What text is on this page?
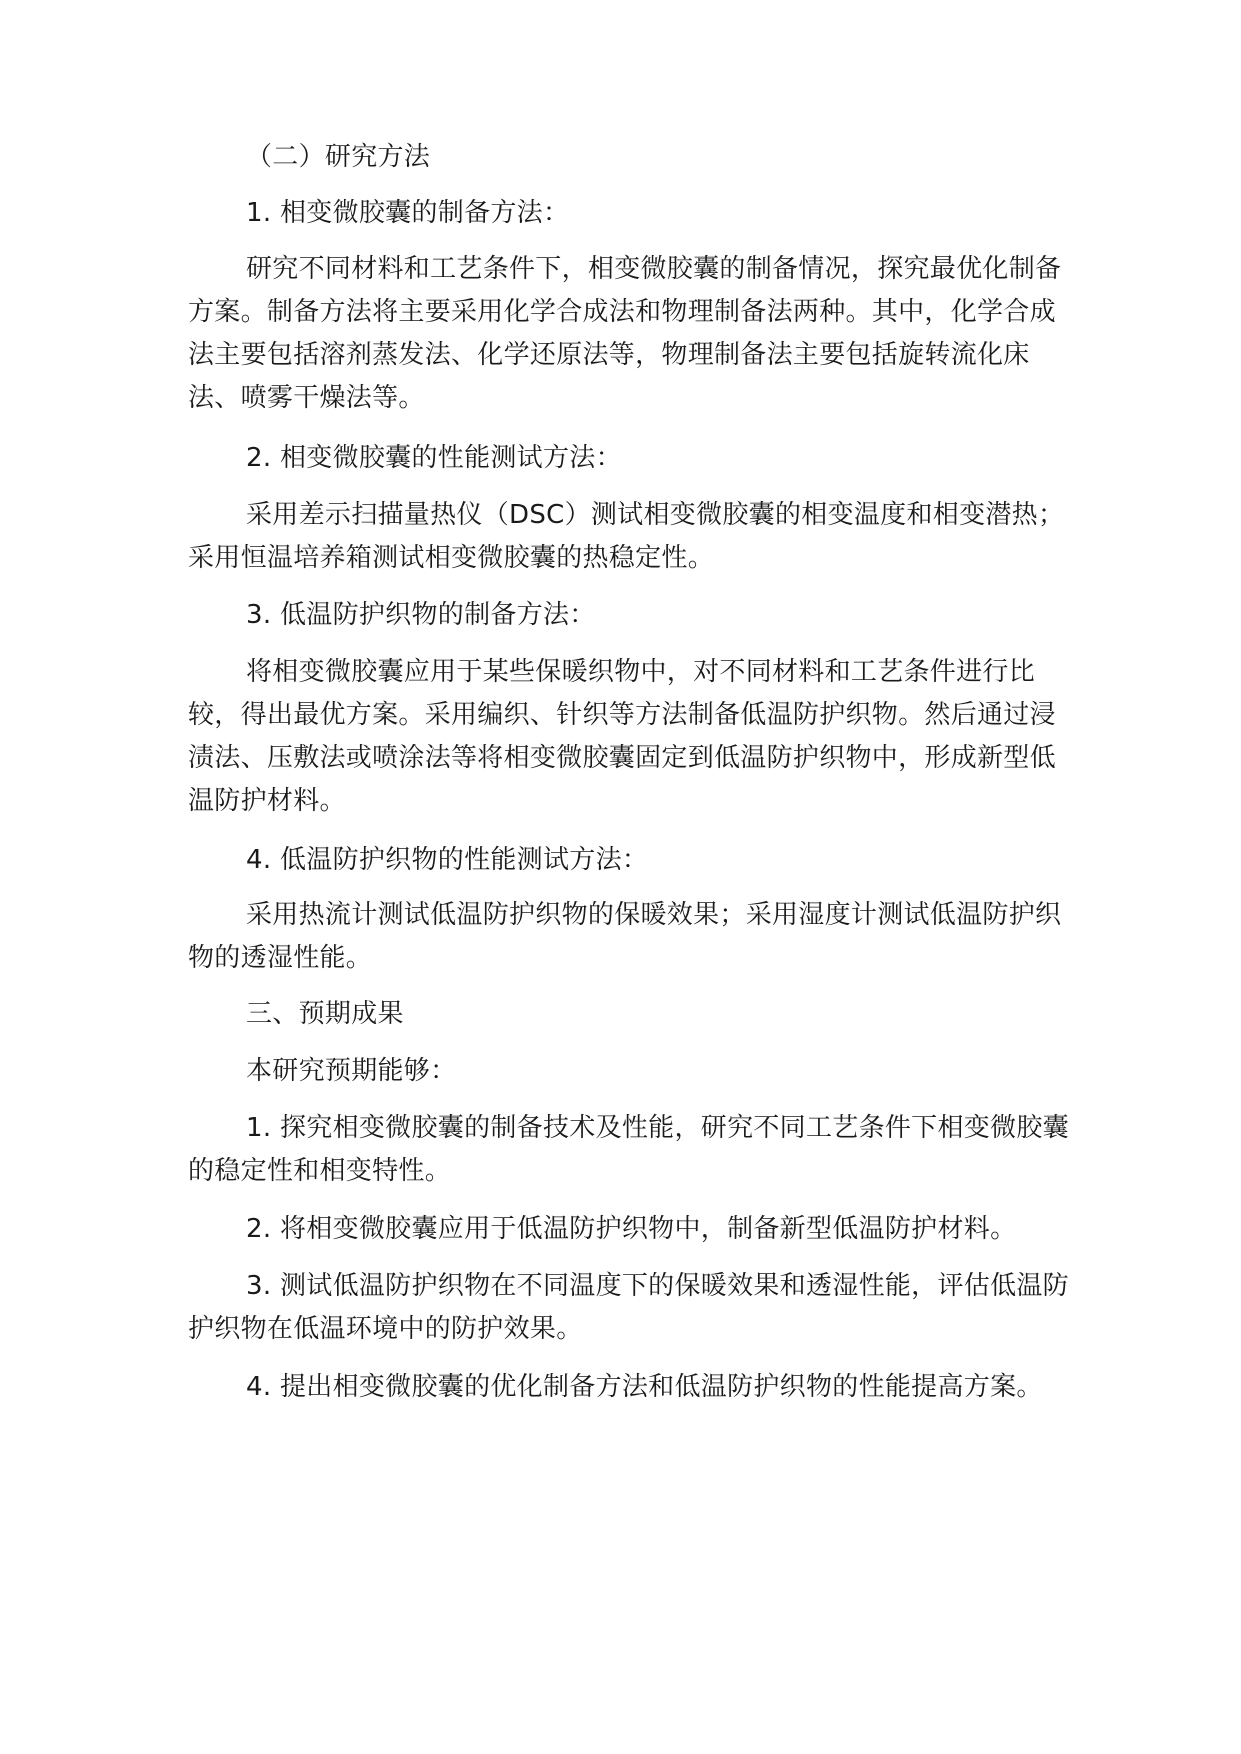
（二）研究方法

1. 相变微胶囊的制备方法：

研究不同材料和工艺条件下，相变微胶囊的制备情况，探究最优化制备方案。制备方法将主要采用化学合成法和物理制备法两种。其中，化学合成法主要包括溶剂蒸发法、化学还原法等，物理制备法主要包括旋转流化床法、喷雾干燥法等。

2. 相变微胶囊的性能测试方法：

采用差示扫描量热仪（DSC）测试相变微胶囊的相变温度和相变潜热；采用恒温培养箱测试相变微胶囊的热稳定性。

3. 低温防护织物的制备方法：

将相变微胶囊应用于某些保暖织物中，对不同材料和工艺条件进行比较，得出最优方案。采用编织、针织等方法制备低温防护织物。然后通过浸渍法、压敷法或喷涂法等将相变微胶囊固定到低温防护织物中，形成新型低温防护材料。

4. 低温防护织物的性能测试方法：

采用热流计测试低温防护织物的保暖效果；采用湿度计测试低温防护织物的透湿性能。

三、预期成果

本研究预期能够：

1. 探究相变微胶囊的制备技术及性能，研究不同工艺条件下相变微胶囊的稳定性和相变特性。

2. 将相变微胶囊应用于低温防护织物中，制备新型低温防护材料。

3. 测试低温防护织物在不同温度下的保暖效果和透湿性能，评估低温防护织物在低温环境中的防护效果。

4. 提出相变微胶囊的优化制备方法和低温防护织物的性能提高方案。
